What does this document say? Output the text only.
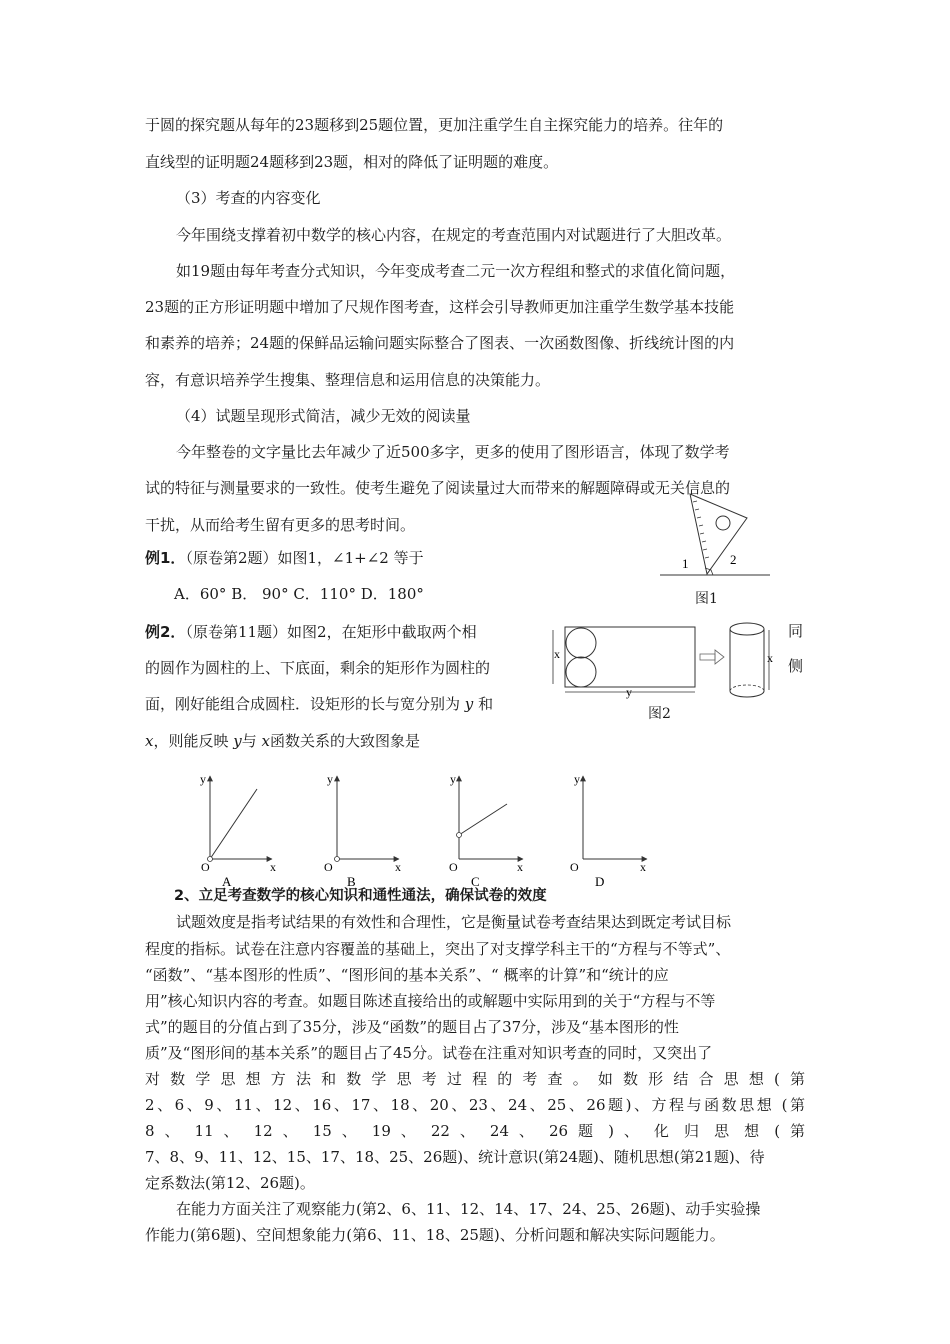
于圆的探究题从每年的23题移到25题位置，更加注重学生自主探究能力的培养。往年的
直线型的证明题24题移到23题，相对的降低了证明题的难度。
（3）考查的内容变化
今年围绕支撑着初中数学的核心内容，在规定的考查范围内对试题进行了大胆改革。
如19题由每年考查分式知识，今年变成考查二元一次方程组和整式的求值化简问题，
23题的正方形证明题中增加了尺规作图考查，这样会引导教师更加注重学生数学基本技能
和素养的培养；24题的保鲜品运输问题实际整合了图表、一次函数图像、折线统计图的内
容，有意识培养学生搜集、整理信息和运用信息的决策能力。
（4）试题呈现形式简洁，减少无效的阅读量
今年整卷的文字量比去年减少了近500多字，更多的使用了图形语言，体现了数学考
试的特征与测量要求的一致性。使考生避免了阅读量过大而带来的解题障碍或无关信息的
干扰，从而给考生留有更多的思考时间。
例1．（原卷第2题）如图1，∠1+∠2 等于
A．60° B． 90° C．110° D．180°
1	2
图1
例2．（原卷第11题）如图2，在矩形中截取两个相
的圆作为圆柱的上、下底面，剩余的矩形作为圆柱的
面，刚好能组合成圆柱．设矩形的长与宽分别为 y 和
x，则能反映 y与 x函数关系的大致图象是
同
侧
x
y
x
图2
y
x
O
A
y
x
O
B
y
x
O
C
y
x
O
D
2、立足考查数学的核心知识和通性通法，确保试卷的效度
试题效度是指考试结果的有效性和合理性，它是衡量试卷考查结果达到既定考试目标
程度的指标。试卷在注意内容覆盖的基础上，突出了对支撑学科主干的“方程与不等式”、
“函数”、“基本图形的性质”、“图形间的基本关系”、“ 概率的计算”和“统计的应
用”核心知识内容的考查。如题目陈述直接给出的或解题中实际用到的关于“方程与不等
式”的题目的分值占到了35分，涉及“函数”的题目占了37分，涉及“基本图形的性
质”及“图形间的基本关系”的题目占了45分。试卷在注重对知识考查的同时，又突出了
对数学思想方法和数学思考过程的考查。如数形结合思想(第
2、6、9、11、12、16、17、18、20、23、24、25、26题)、方程与函数思想 (第
8 、 11 、 12 、 15 、 19 、 22 、 24 、 26 题 ) 、 化 归 思 想 ( 第
7、8、9、11、12、15、17、18、25、26题)、统计意识(第24题)、随机思想(第21题)、待
定系数法(第12、26题)。
在能力方面关注了观察能力(第2、6、11、12、14、17、24、25、26题)、动手实验操
作能力(第6题)、空间想象能力(第6、11、18、25题)、分析问题和解决实际问题能力。
